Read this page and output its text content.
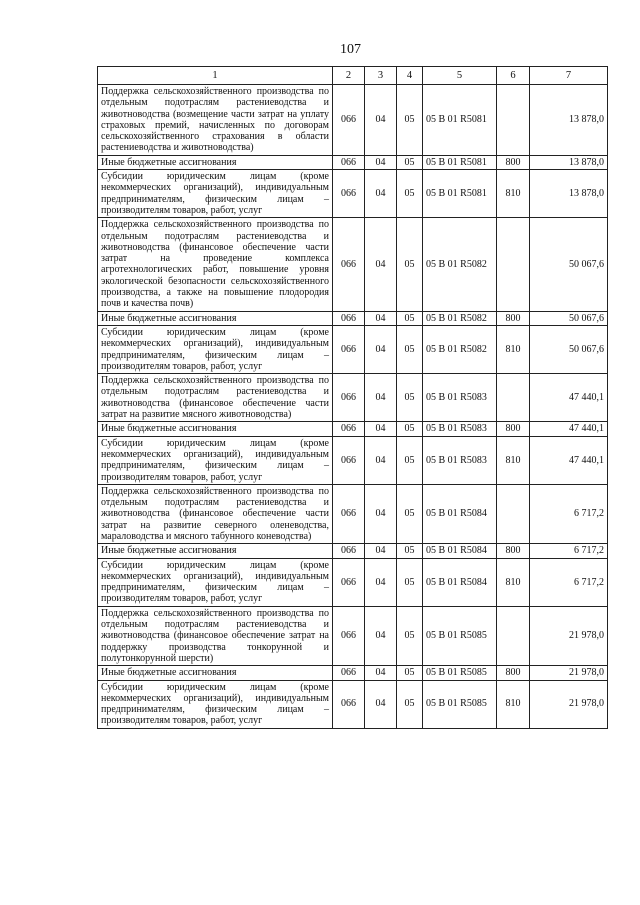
107
1	2	3	4	5	6	7
Поддержка сельскохозяйственного производства по отдельным подотраслям растениеводства и животноводства (возмещение части затрат на уплату страховых премий, начисленных по договорам сельскохозяйственного страхования в области растениеводства и животноводства)	066	04	05	05 В 01 R5081		13 878,0
Иные бюджетные ассигнования	066	04	05	05 В 01 R5081	800	13 878,0
Субсидии юридическим лицам (кроме некоммерческих организаций), индивидуальным предпринимателям, физическим лицам – производителям товаров, работ, услуг	066	04	05	05 В 01 R5081	810	13 878,0
Поддержка сельскохозяйственного производства по отдельным подотраслям растениеводства и животноводства (финансовое обеспечение части затрат на проведение комплекса агротехнологических работ, повышение уровня экологической безопасности сельскохозяйственного производства, а также на повышение плодородия почв и качества почв)	066	04	05	05 В 01 R5082		50 067,6
Иные бюджетные ассигнования	066	04	05	05 В 01 R5082	800	50 067,6
Субсидии юридическим лицам (кроме некоммерческих организаций), индивидуальным предпринимателям, физическим лицам – производителям товаров, работ, услуг	066	04	05	05 В 01 R5082	810	50 067,6
Поддержка сельскохозяйственного производства по отдельным подотраслям растениеводства и животноводства (финансовое обеспечение части затрат на развитие мясного животноводства)	066	04	05	05 В 01 R5083		47 440,1
Иные бюджетные ассигнования	066	04	05	05 В 01 R5083	800	47 440,1
Субсидии юридическим лицам (кроме некоммерческих организаций), индивидуальным предпринимателям, физическим лицам – производителям товаров, работ, услуг	066	04	05	05 В 01 R5083	810	47 440,1
Поддержка сельскохозяйственного производства по отдельным подотраслям растениеводства и животноводства (финансовое обеспечение части затрат на развитие северного оленеводства, мараловодства и мясного табунного коневодства)	066	04	05	05 В 01 R5084		6 717,2
Иные бюджетные ассигнования	066	04	05	05 В 01 R5084	800	6 717,2
Субсидии юридическим лицам (кроме некоммерческих организаций), индивидуальным предпринимателям, физическим лицам – производителям товаров, работ, услуг	066	04	05	05 В 01 R5084	810	6 717,2
Поддержка сельскохозяйственного производства по отдельным подотраслям растениеводства и животноводства (финансовое обеспечение затрат на поддержку производства тонкорунной и полутонкорунной шерсти)	066	04	05	05 В 01 R5085		21 978,0
Иные бюджетные ассигнования	066	04	05	05 В 01 R5085	800	21 978,0
Субсидии юридическим лицам (кроме некоммерческих организаций), индивидуальным предпринимателям, физическим лицам – производителям товаров, работ, услуг	066	04	05	05 В 01 R5085	810	21 978,0
